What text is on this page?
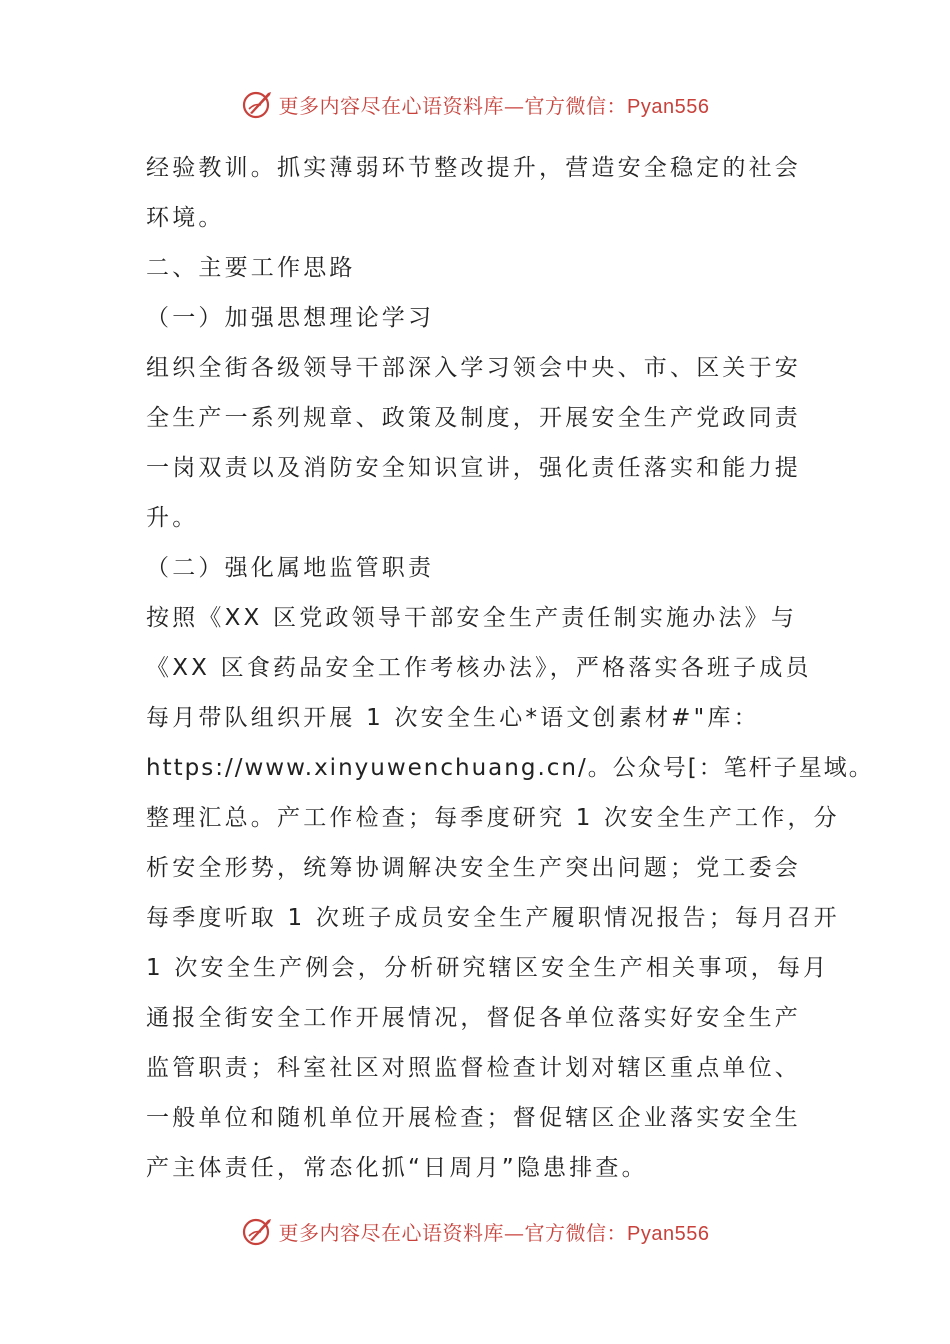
更多内容尽在心语资料库—官方微信：Pyan556
经验教训。抓实薄弱环节整改提升，营造安全稳定的社会
环境。
二、主要工作思路
（一）加强思想理论学习
组织全街各级领导干部深入学习领会中央、市、区关于安
全生产一系列规章、政策及制度，开展安全生产党政同责
一岗双责以及消防安全知识宣讲，强化责任落实和能力提
升。
（二）强化属地监管职责
按照《XX 区党政领导干部安全生产责任制实施办法》与
《XX 区食药品安全工作考核办法》，严格落实各班子成员
每月带队组织开展 1 次安全生心*语文创素材#"库：
https://www.xinyuwenchuang.cn/。公众号[：笔杆子星域。
整理汇总。产工作检查；每季度研究 1 次安全生产工作，分
析安全形势，统筹协调解决安全生产突出问题；党工委会
每季度听取 1 次班子成员安全生产履职情况报告；每月召开
1 次安全生产例会，分析研究辖区安全生产相关事项，每月
通报全街安全工作开展情况，督促各单位落实好安全生产
监管职责；科室社区对照监督检查计划对辖区重点单位、
一般单位和随机单位开展检查；督促辖区企业落实安全生
产主体责任，常态化抓“日周月”隐患排查。
更多内容尽在心语资料库—官方微信：Pyan556
